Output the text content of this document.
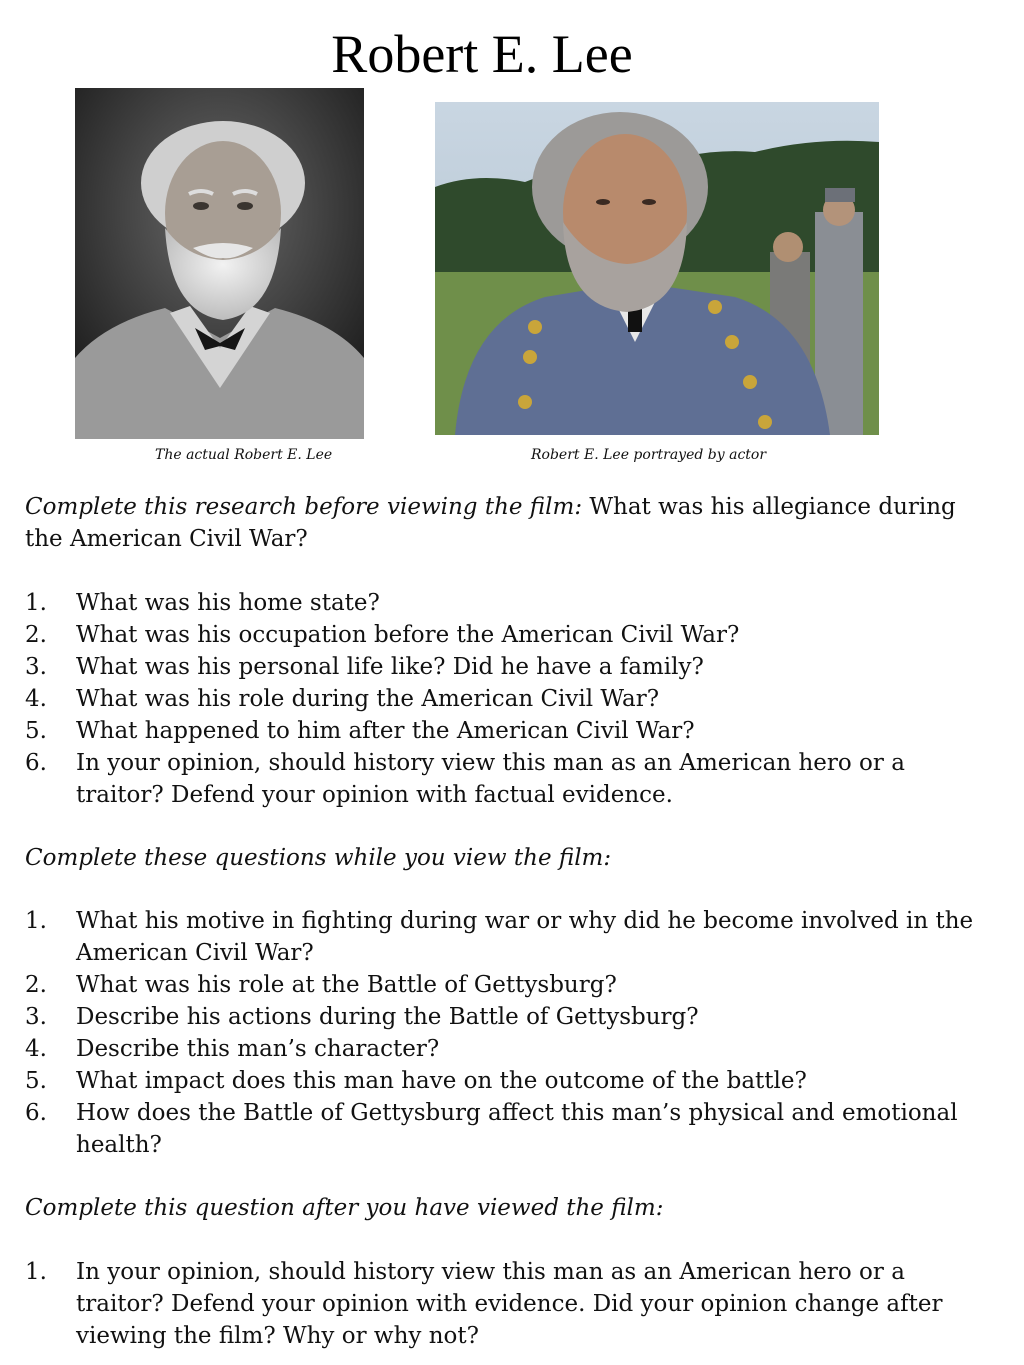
Robert E. Lee
The actual Robert E. Lee	Robert E. Lee portrayed by actor

Complete this research before viewing the film: What was his allegiance during the American Civil War?

1. What was his home state?
2. What was his occupation before the American Civil War?
3. What was his personal life like? Did he have a family?
4. What was his role during the American Civil War?
5. What happened to him after the American Civil War?
6. In your opinion, should history view this man as an American hero or a traitor? Defend your opinion with factual evidence.

Complete these questions while you view the film:

1. What his motive in fighting during war or why did he become involved in the American Civil War?
2. What was his role at the Battle of Gettysburg?
3. Describe his actions during the Battle of Gettysburg?
4. Describe this man’s character?
5. What impact does this man have on the outcome of the battle?
6. How does the Battle of Gettysburg affect this man’s physical and emotional health?

Complete this question after you have viewed the film:

1. In your opinion, should history view this man as an American hero or a traitor? Defend your opinion with evidence. Did your opinion change after viewing the film? Why or why not?
